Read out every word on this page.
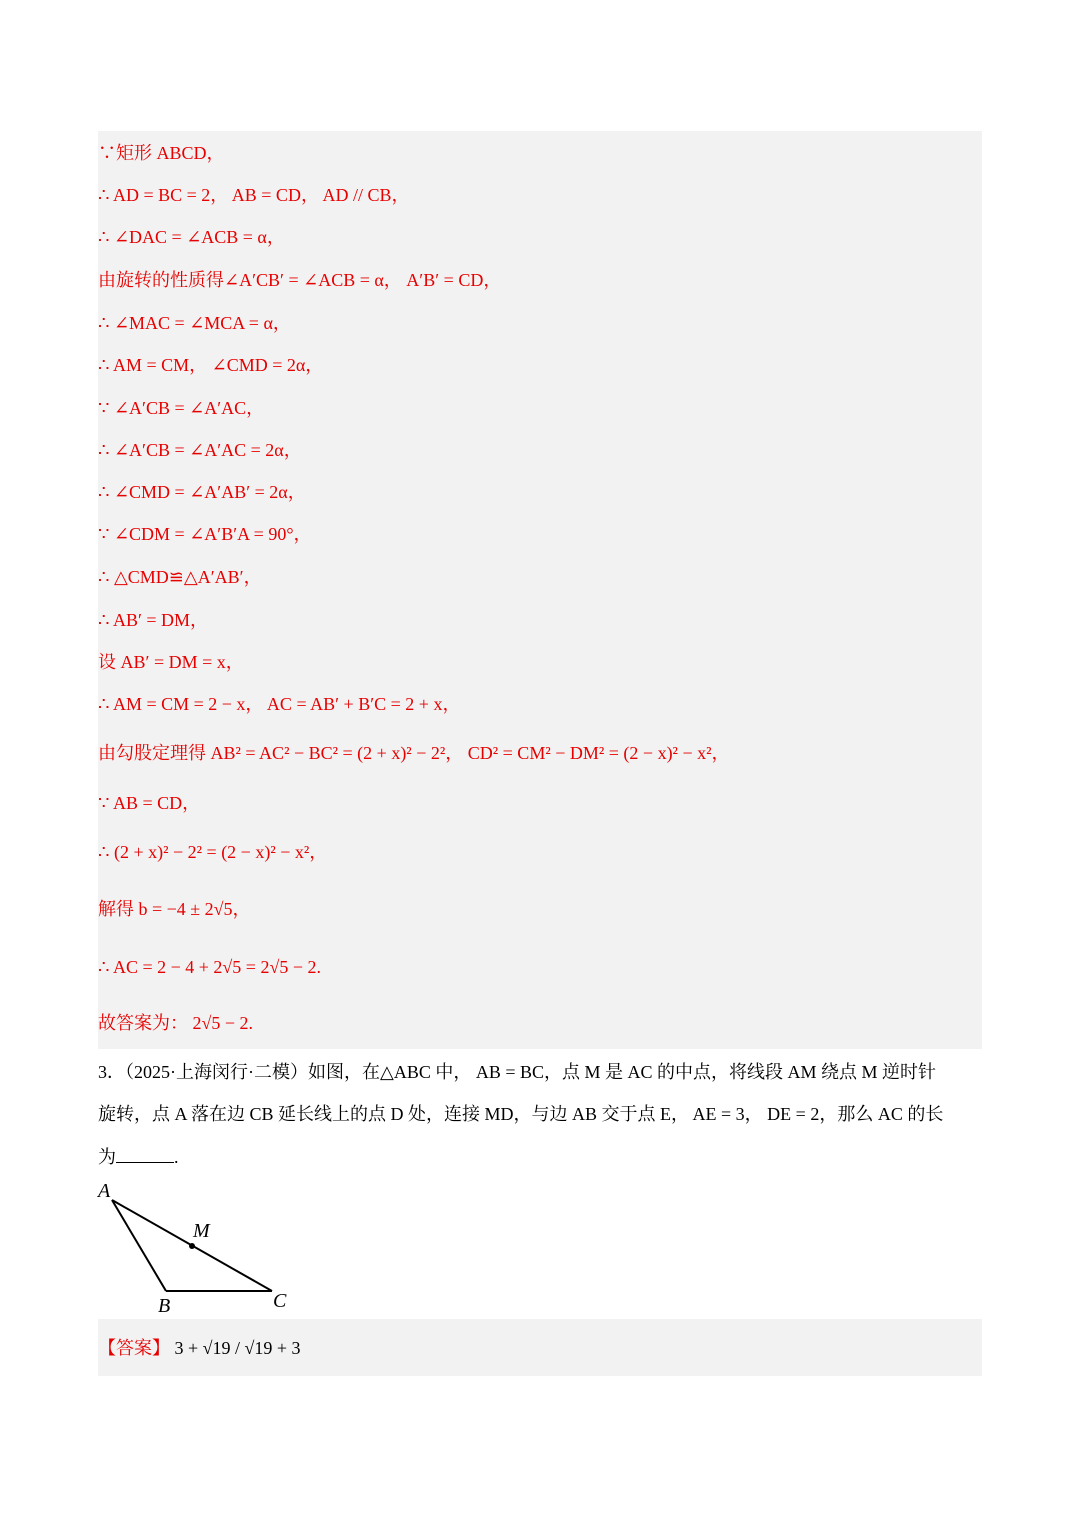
∵矩形 ABCD，
∴ AD = BC = 2， AB = CD， AD // CB，
∴ ∠DAC = ∠ACB = α，
由旋转的性质得∠A′CB′ = ∠ACB = α， A′B′ = CD，
∴ ∠MAC = ∠MCA = α，
∴ AM = CM， ∠CMD = 2α，
∵ ∠A′CB = ∠A′AC，
∴ ∠A′CB = ∠A′AC = 2α，
∴ ∠CMD = ∠A′AB′ = 2α，
∵ ∠CDM = ∠A′B′A = 90°，
∴ △CMD≌△A′AB′，
∴ AB′ = DM，
设 AB′ = DM = x，
∴ AM = CM = 2 − x， AC = AB′ + B′C = 2 + x，
由勾股定理得 AB² = AC² − BC² = (2 + x)² − 2²， CD² = CM² − DM² = (2 − x)² − x²，
∵ AB = CD，
∴ (2 + x)² − 2² = (2 − x)² − x²，
解得 b = −4 ± 2√5，
∴ AC = 2 − 4 + 2√5 = 2√5 − 2.
故答案为： 2√5 − 2.
3．（2025·上海闵行·二模）如图，在△ABC 中， AB = BC，点 M 是 AC 的中点，将线段 AM 绕点 M 逆时针
旋转，点 A 落在边 CB 延长线上的点 D 处，连接 MD，与边 AB 交于点 E， AE = 3， DE = 2，那么 AC 的长
为	.
A
B	C
M
【答案】 3 + √19 / √19 + 3
